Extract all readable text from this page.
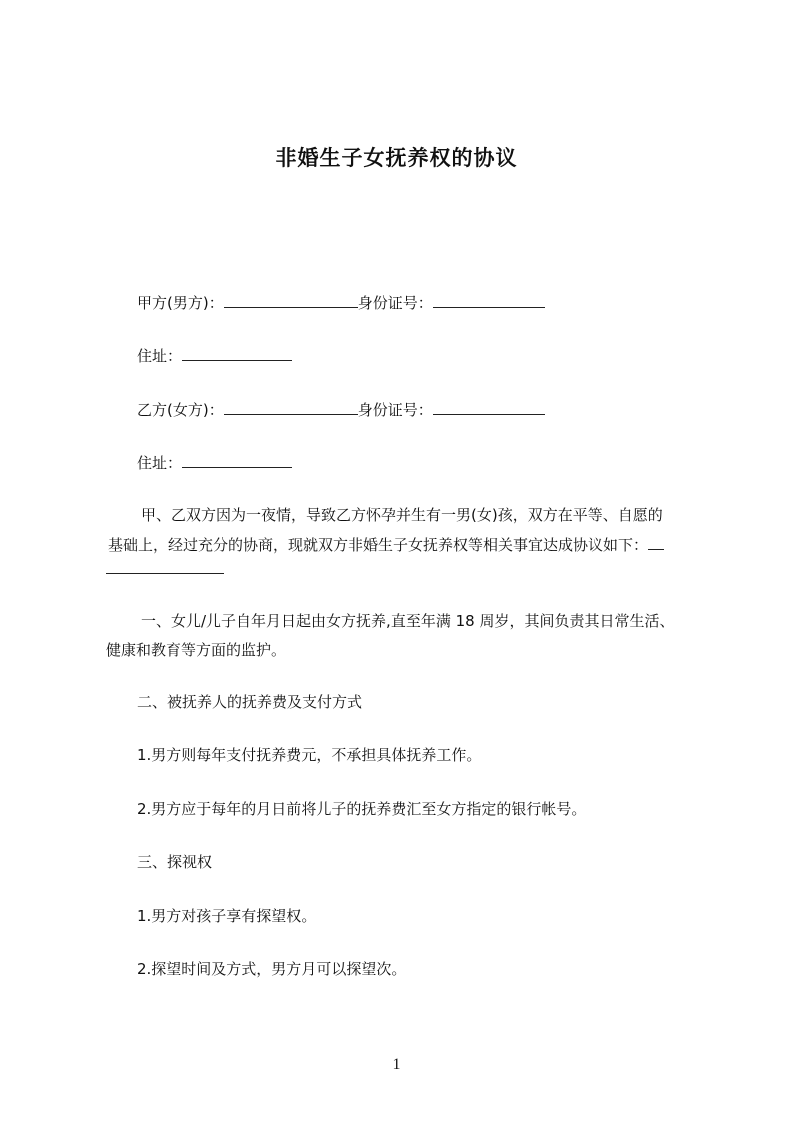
非婚生子女抚养权的协议
甲方(男方)：	身份证号：
住址：
乙方(女方)：	身份证号：
住址：
甲、乙双方因为一夜情，导致乙方怀孕并生有一男(女)孩，双方在平等、自愿的
基础上，经过充分的协商，现就双方非婚生子女抚养权等相关事宜达成协议如下：
一、女儿/儿子自年月日起由女方抚养,直至年满 18 周岁，其间负责其日常生活、
健康和教育等方面的监护。
二、被抚养人的抚养费及支付方式
1.男方则每年支付抚养费元，不承担具体抚养工作。
2.男方应于每年的月日前将儿子的抚养费汇至女方指定的银行帐号。
三、探视权
1.男方对孩子享有探望权。
2.探望时间及方式，男方月可以探望次。
1
